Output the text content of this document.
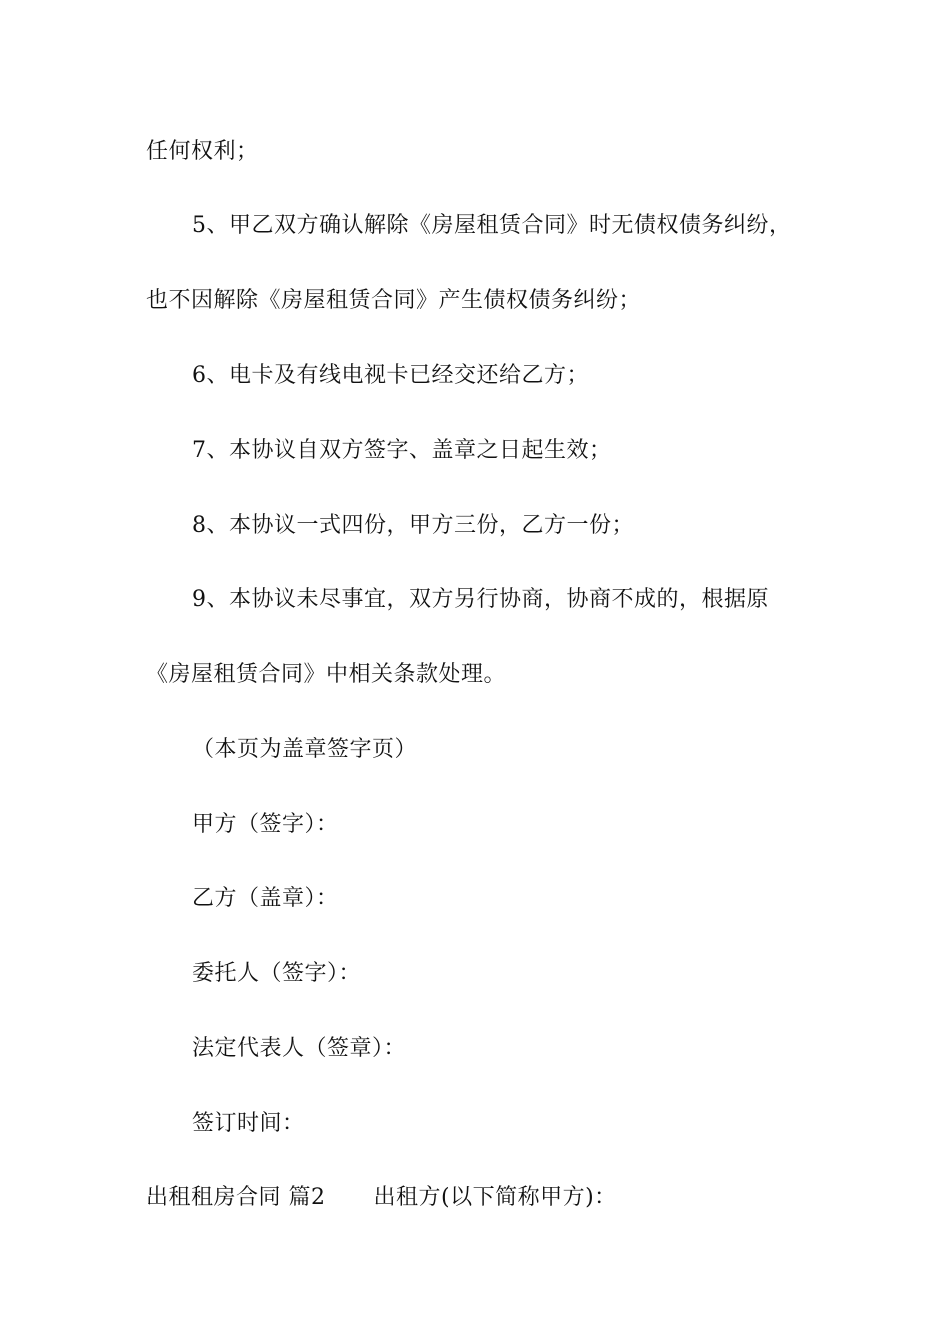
任何权利；
5、甲乙双方确认解除《房屋租赁合同》时无债权债务纠纷，
也不因解除《房屋租赁合同》产生债权债务纠纷；
6、电卡及有线电视卡已经交还给乙方；
7、本协议自双方签字、盖章之日起生效；
8、本协议一式四份，甲方三份，乙方一份；
9、本协议未尽事宜，双方另行协商，协商不成的，根据原
《房屋租赁合同》中相关条款处理。
（本页为盖章签字页）
甲方（签字）：
乙方（盖章）：
委托人（签字）：
法定代表人（签章）：
签订时间：
出租租房合同 篇2 出租方(以下简称甲方)：
